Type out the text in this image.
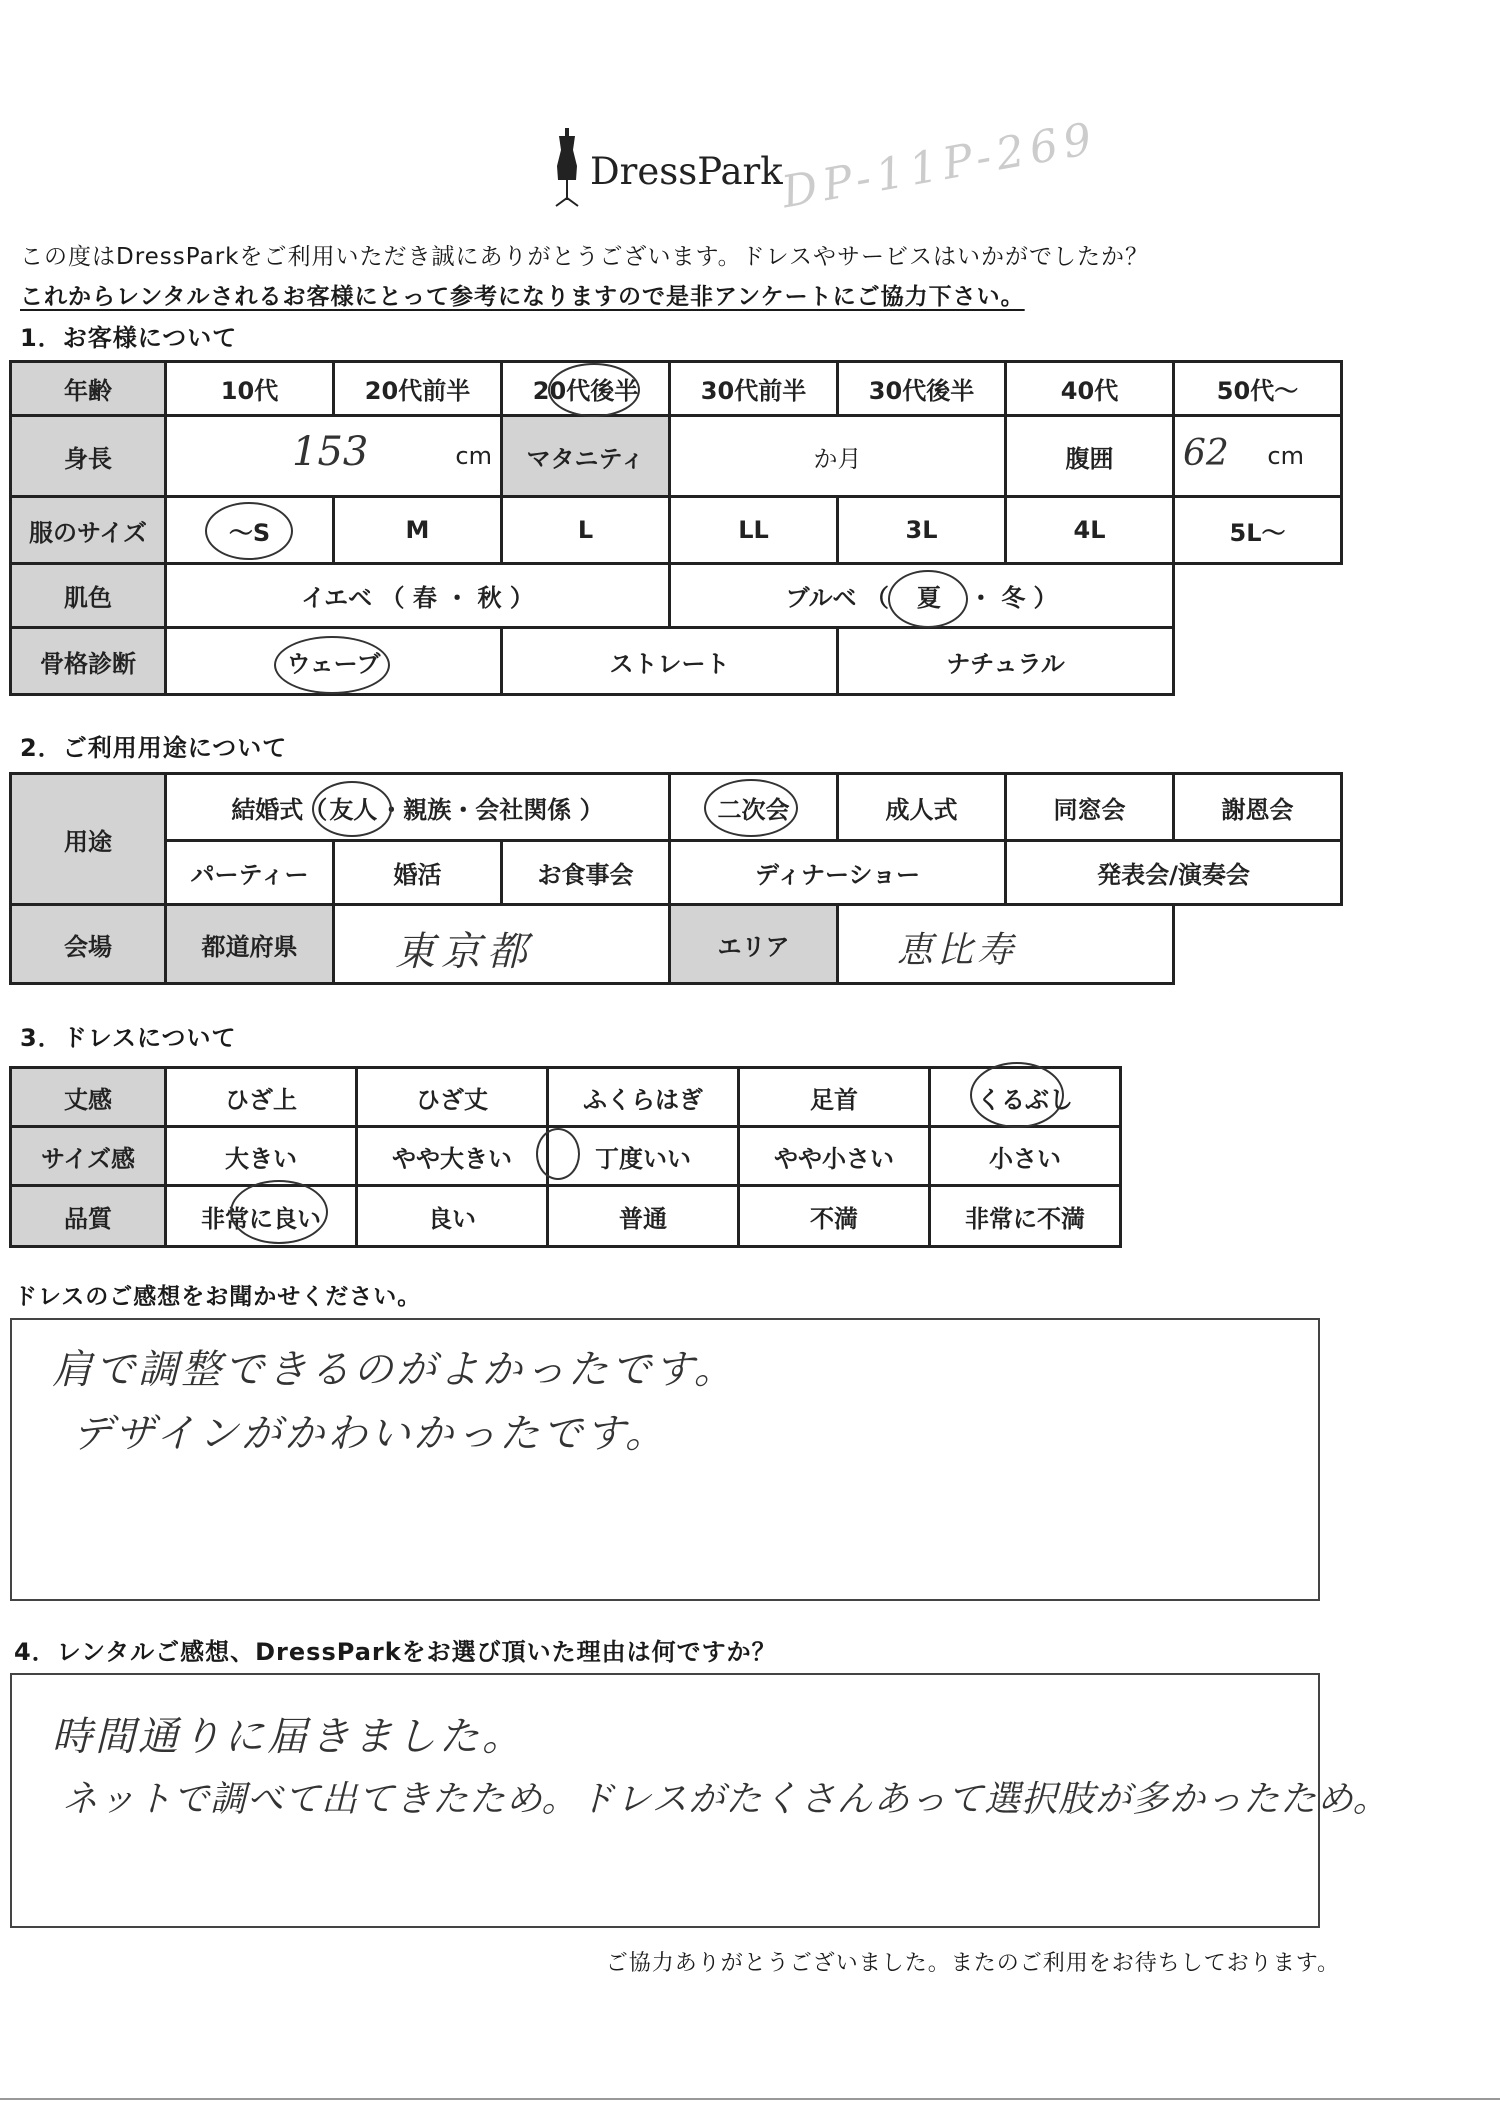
DressPark
DP-11P-269
この度はDressParkをご利用いただき誠にありがとうございます。ドレスやサービスはいかがでしたか？
これからレンタルされるお客様にとって参考になりますので是非アンケートにご協力下さい。
1．お客様について
年齢	10代	20代前半	20代後半	30代前半	30代後半	40代	50代〜
身長	153	cm	マタニティ	か月	腹囲	62 cm
服のサイズ	〜S	M	L	LL	3L	4L	5L〜
肌色	イエベ （ 春 ・ 秋 ）	ブルベ （ 夏 ・ 冬 ）
骨格診断	ウェーブ	ストレート	ナチュラル
2．ご利用用途について
用途
結婚式（ 友人 ・親族・会社関係 ）	二次会	成人式	同窓会	謝恩会
パーティー	婚活	お食事会	ディナーショー	発表会/演奏会
会場	都道府県	東京都	エリア	恵比寿
3．ドレスについて
丈感	ひざ上	ひざ丈	ふくらはぎ	足首	くるぶし
サイズ感	大きい	やや大きい	丁度いい	やや小さい	小さい
品質	非常に良い	良い	普通	不満	非常に不満
ドレスのご感想をお聞かせください。
肩で調整できるのがよかったです。
デザインがかわいかったです。
4．レンタルご感想、DressParkをお選び頂いた理由は何ですか？
時間通りに届きました。
ネットで調べて出てきたため。ドレスがたくさんあって選択肢が多かったため。
ご協力ありがとうございました。またのご利用をお待ちしております。
